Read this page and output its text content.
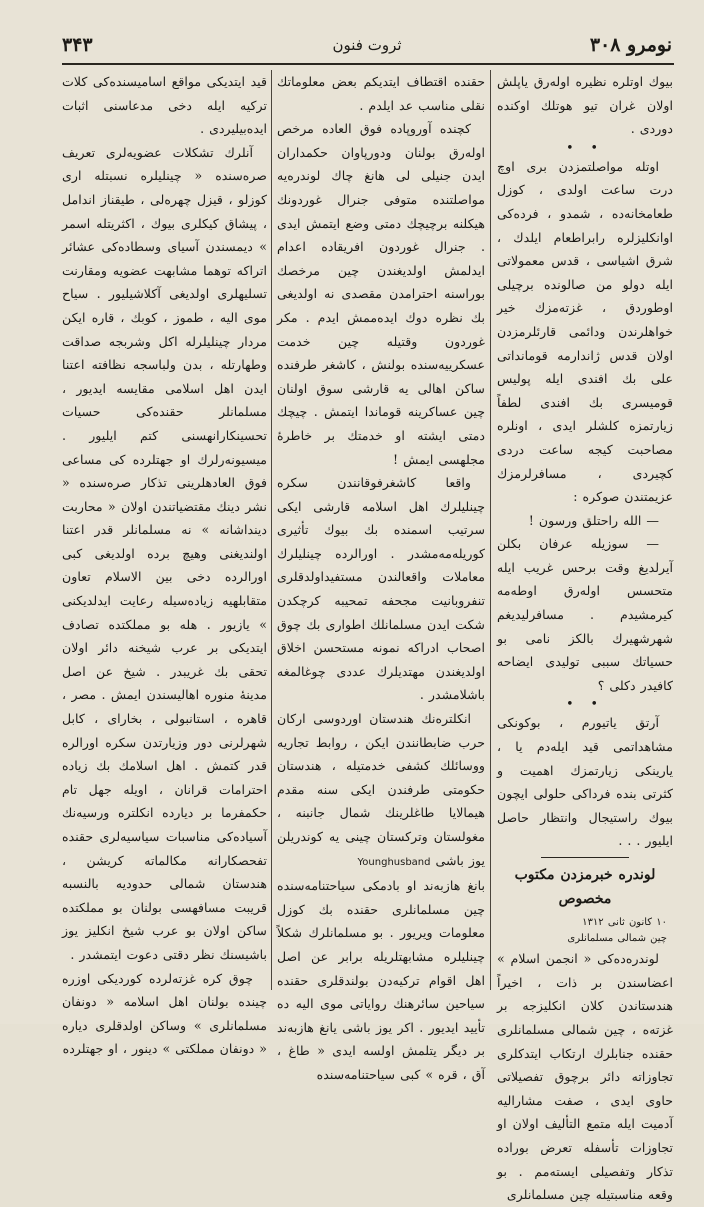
نومرو ۳۰۸
ثروت فنون
۳۴۳

بیوك اوتلره نظیره اولەرق یاپلش اولان غران تیو هوتلك اوكندە دوردی .

• •

اوتله مواصلتمزدن بری اوچ درت ساعت اولدی ، كوزل طعامخانەده ، شمدو ، فردەكی اوانكلیزلره رابراطعام ایلدك ، شرق اشیاسی ، قدس معمولاتی ایله دولو من صالونده برچیلی اوطوردق ، غزتەمزك خیر خواهلرندن ودائمی قارئلرمزدن اولان قدس ژاندارمه قومانداتی علی بك افندی ایله پولیس قومیسری بك افندی لطفاً زیارتمزه كلشلر ایدی ، اونلره مصاحبت كیجه ساعت دردی كچیردی ، مسافرلرمزك عزیمتندن صوكره :

— الله راحتلق ورسون !

— سوزیله عرفان بكلن آیرلدیغ وقت برحس غریب ایله متحسس اولەرق اوطەمه كیرمشیدم . مسافرلیدیغم شهرشهیرك بالكز نامی بو حسیاتك سببی تولیدی ایضاحه كافیدر دكلی ؟

• •

آرتق یاتیورم ، بوكونكی مشاهداتمی قید ایلەدم یا ، یارینكی زیارتمزك اهمیت و كثرتی بنده فرداكی حلولی ایچون بیوك راستیجال وانتظار حاصل ایلیور . . .

لوندره خبرمزدن مكتوب مخصوص

۱۰ كانون ثانی ۱۳۱۲
چین شمالی مسلمانلری

لوندرەدەكی « انجمن اسلام » اعضاسندن بر ذات ، اخیراً هندستاندن كلان انكلیزجه بر غزتەه ، چین شمالی مسلمانلری حقنده جنابلرك ارتكاب ایتدكلری تجاوزاته دائر برچوق تفصیلاتی حاوی ایدی ، صفت مشارالیه آدمیت ایله متمع التألیف اولان او تجاوزات تأسفله تعرض بوراده تذكار وتفصیلی ایستەمم . بو وقعه مناسبتیله چین مسلمانلری

حقنده اقتطاف ایتدیكم بعض معلوماتك نقلی مناسب عد ایلدم .

كچنده آوروپاده فوق العاده مرخص اولەرق بولنان ودورپاوان حكمداران ایدن جنیلی لی هانغ چاك لوندرەیه مواصلتنده متوفی جنرال غوردونك هیكلنه برچیچك دمتی وضع ایتمش ایدی . جنرال غوردون افریقاده اعدام ایدلمش اولدیغندن چین مرخصك بوراسنه احترامدن مقصدی نه اولدیغی بك نظره دوك ایدەممش ایدم . مكر غوردون وقتیله چین خدمت عسكرییەسنده بولنش ، كاشغر طرفنده ساكن اهالی یه قارشی سوق اولنان چین عساكرینه قوماندا ایتمش . چیچك دمتی ایشته او خدمتك بر خاطرهٔ مجلهسی ایمش !

واقعا كاشغرفوقانندن سكره چینلیلرك اهل اسلامه قارشی ایكی سرتیب اسمنده بك بیوك تأثیری كوریلەمەمشدر . اورالرده چینلیلرك معاملات واقعالندن مستفیداولدقلری تنفروبانیت مجحفه تمحیبه كرچكدن شكت ایدن مسلمانلك اطواری بك چوق اصحاب ادراكه نمونه مستحسن اخلاق اولدیغندن مهتدیلرك عددی چوغالمغه باشلامشدر .

انكلترەنك هندستان اوردوسی اركان حرب ضابطانندن ایكن ، روابط تجاریه ووسائلك كشفی خدمتیله ، هندستان حكومتی طرفندن ایكی سنه مقدم هیمالایا طاغلرینك شمال جانبنه ، مغولستان وتركستان چینی یه كوندریلن یوز باشی Younghusband

بانغ هازبەند او بادمكی سیاحتنامەسنده چین مسلمانلری حقنده بك كوزل معلومات ویریور . بو مسلمانلرك شكلاً چینلیلره مشابهتلریله برابر عن اصل اهل اقوام تركیەدن بولندقلری حقنده سیاحین سائرهنك روایاتی موی الیه ده تأیید ایدیور . اكر یوز باشی یانغ هازبەند بر دیگر یتلمش اولسه ایدی « طاغ ، آق ، قره » كبی سیاحتنامەسنده

قید ایتدیكی مواقع اسامیسندەكی كلات تركیه ایله دخی مدعاسنی اثبات ایدەبیلیردی .

آنلرك تشكلات عضویەلری تعریف صرەسنده « چینلیلره نسبتله اری كوزلو ، قیزل چهرەلی ، طیقناز اندامل ، پیشاق كیكلری بیوك ، اكثریتله اسمر » دیمسندن آسیای وسطادەكی عشائر اتراكه توهما مشابهت عضویه ومقارنت تسلیهلری اولدیغی آكلاشیلیور . سیاح موی الیه ، طموز ، كوبك ، قاره ایکن مردار چینلیلرله اكل وشربجه صداقت وطهارتله ، بدن ولباسجه نظافته اعتنا ایدن اهل اسلامی مقایسه ایدیور ، مسلمانلر حقندەكی حسیات تحسینكارانهسنی كتم ایلیور . میسیونەرلرك او جهتلرده كی مساعی فوق العادهلرینی تذكار صرەسنده « نشر دینك مقتضیاتندن اولان « محاربت دینداشانه » نه مسلمانلر قدر اعتنا اولندیغنی وهیچ برده اولدیغی كبی اورالرده دخی بین الاسلام تعاون متقابلهیه زیادەسیله رعایت ایدلدیكنی » یازیور . هله بو مملكتده تصادف ایتدیكی بر عرب شیخنه دائر اولان تحقی بك غریبدر . شیخ عن اصل مدینهٔ منوره اهالیسندن ایمش . مصر ، قاهره ، استانبولی ، بخارای ، كابل شهرلرنی دور وزیارتدن سكره اورالره قدر كتمش . اهل اسلامك بك زیاده احترامات قرانان ، اویله جهل تام حكمفرما بر دیارده انكلتره ورسیەنك آسیادەكی مناسبات سیاسیەلری حقنده تفحصكارانه مكالماته كریشن ، هندستان شمالی حدودیه بالنسبه قریبت مسافهسی بولنان بو مملكتده ساكن اولان بو عرب شیخ انكلیز یوز باشیسنك نظر دقتی دعوت ایتمشدر .

چوق كره غزتەلرده كوردیكی اوزره چینده بولنان اهل اسلامه « دونفان مسلمانلری » وساكن اولدقلری دیاره « دونفان مملكتی » دینور ، او جهتلرده
